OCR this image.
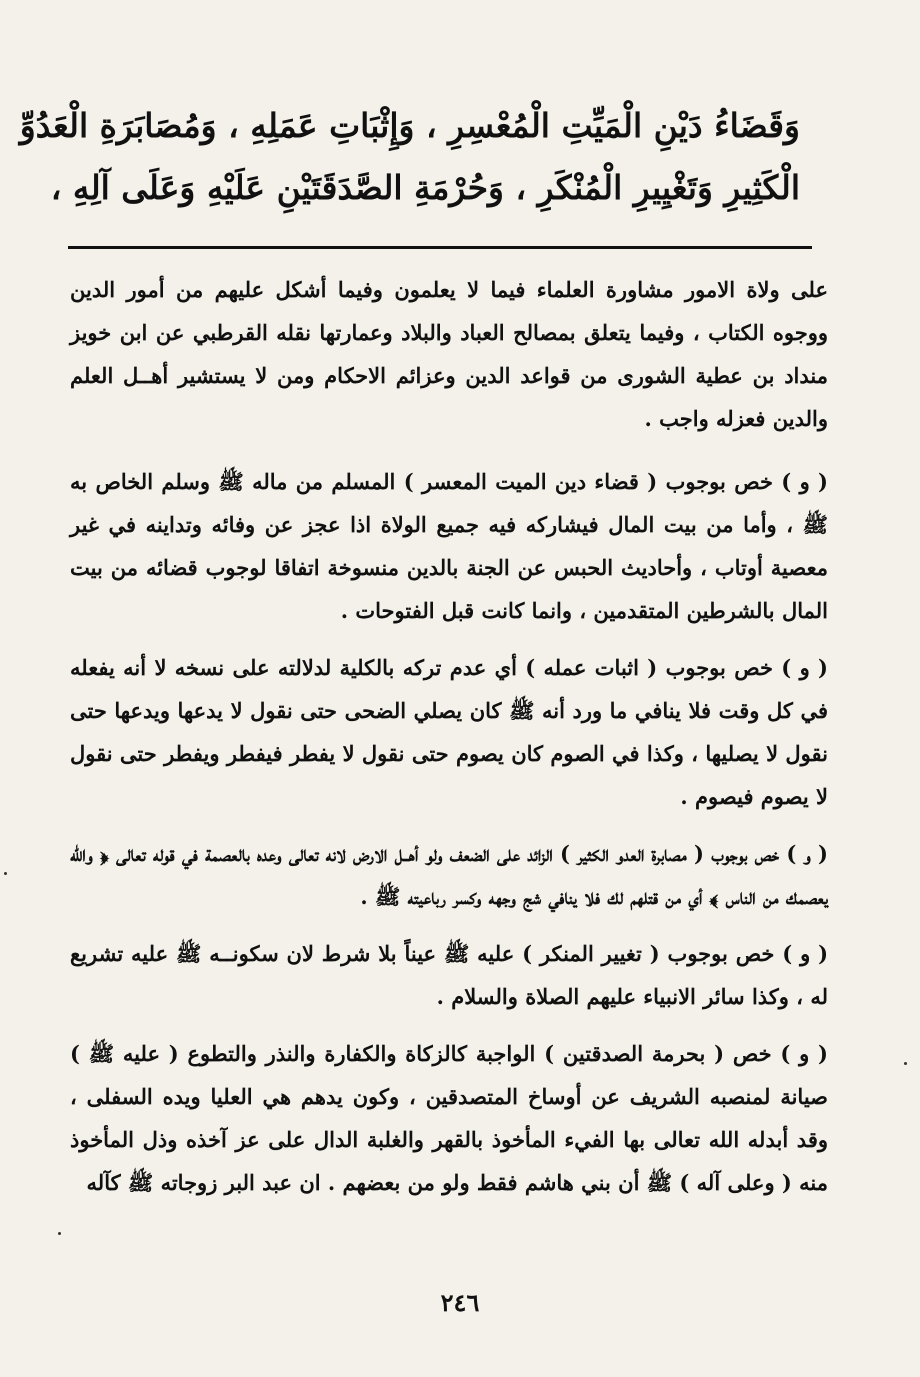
وَقَضَاءُ دَيْنِ الْمَيِّتِ الْمُعْسِرِ ، وَإِثْبَاتِ عَمَلِهِ ، وَمُصَابَرَةِ الْعَدُوِّ

الْكَثِيرِ وَتَغْيِيرِ الْمُنْكَرِ ، وَحُرْمَةِ الصَّدَقَتَيْنِ عَلَيْهِ وَعَلَى آلِهِ ،

على ولاة الامور مشاورة العلماء فيما لا يعلمون وفيما أشكل عليهم من أمور الدين ووجوه الكتاب ، وفيما يتعلق بمصالح العباد والبلاد وعمارتها نقله القرطبي عن ابن خويز منداد بن عطية الشورى من قواعد الدين وعزائم الاحكام ومن لا يستشير أهــل العلم والدين فعزله واجب .

( و ) خص بوجوب ( قضاء دين الميت المعسر ) المسلم من ماله ﷺ وسلم الخاص به ﷺ ، وأما من بيت المال فيشاركه فيه جميع الولاة اذا عجز عن وفائه وتداينه في غير معصية أوتاب ، وأحاديث الحبس عن الجنة بالدين منسوخة اتفاقا لوجوب قضائه من بيت المال بالشرطين المتقدمين ، وانما كانت قبل الفتوحات .

( و ) خص بوجوب ( اثبات عمله ) أي عدم تركه بالكلية لدلالته على نسخه لا أنه يفعله في كل وقت فلا ينافي ما ورد أنه ﷺ كان يصلي الضحى حتى نقول لا يدعها ويدعها حتى نقول لا يصليها ، وكذا في الصوم كان يصوم حتى نقول لا يفطر فيفطر ويفطر حتى نقول لا يصوم فيصوم .

( و ) خص بوجوب ( مصابرة العدو الكثير ) الزائد على الضعف ولو أهــل الارض لانه تعالى وعده بالعصمة في قوله تعالى ﴿ والله يعصمك من الناس ﴾ أي من قتلهم لك فلا ينافي شج وجهه وكسر رباعيته ﷺ .

( و ) خص بوجوب ( تغيير المنكر ) عليه ﷺ عيناً بلا شرط لان سكونــه ﷺ عليه تشريع له ، وكذا سائر الانبياء عليهم الصلاة والسلام .

( و ) خص ( بحرمة الصدقتين ) الواجبة كالزكاة والكفارة والنذر والتطوع ( عليه ﷺ ) صيانة لمنصبه الشريف عن أوساخ المتصدقين ، وكون يدهم هي العليا ويده السفلى ، وقد أبدله الله تعالى بها الفيء المأخوذ بالقهر والغلبة الدال على عز آخذه وذل المأخوذ منه ( وعلى آله ) ﷺ أن بني هاشم فقط ولو من بعضهم . ان عبد البر زوجاته ﷺ كآله

٢٤٦
